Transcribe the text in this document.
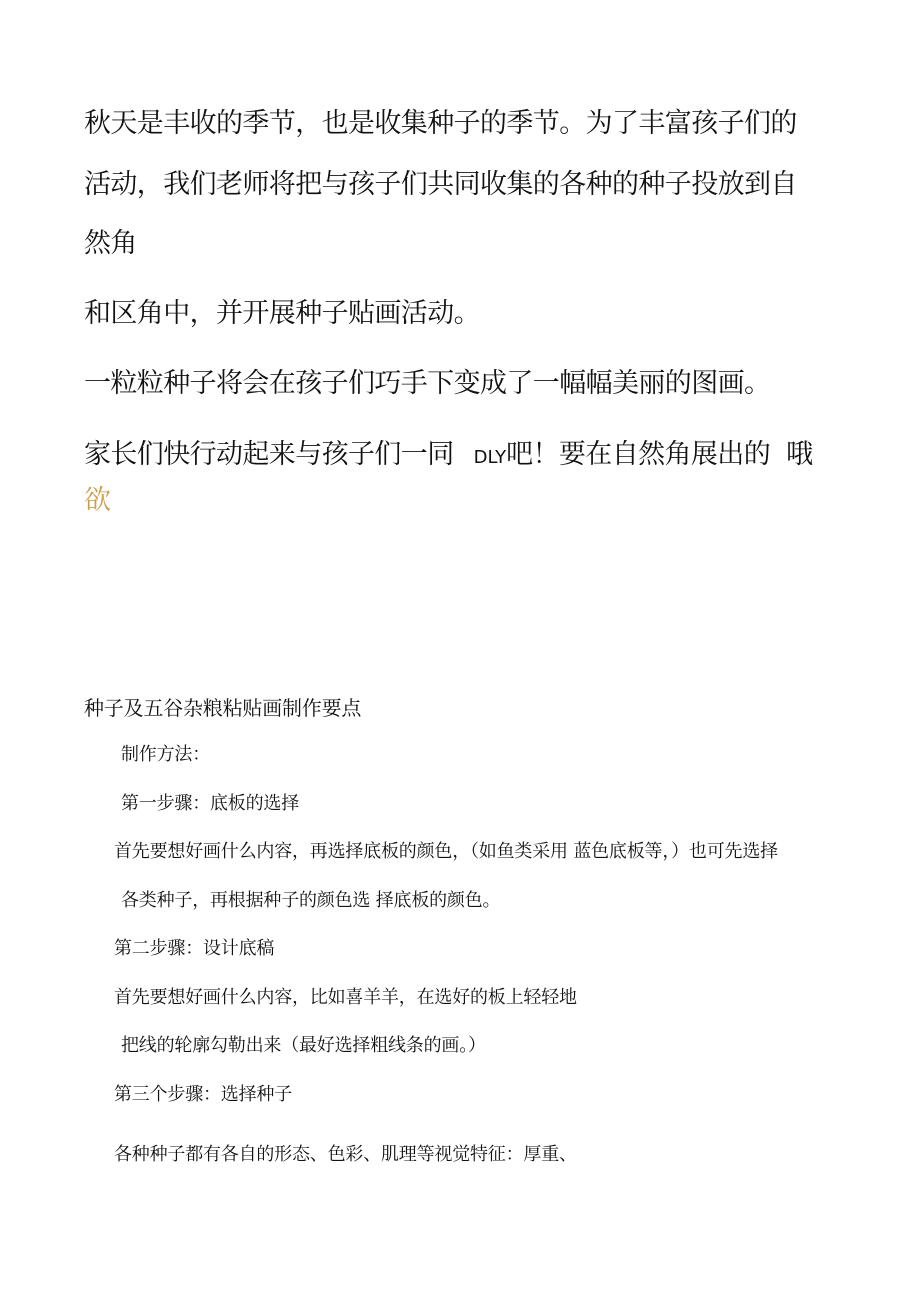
秋天是丰收的季节，也是收集种子的季节。为了丰富孩子们的
活动，我们老师将把与孩子们共同收集的各种的种子投放到自
然角
和区角中，并开展种子贴画活动。
一粒粒种子将会在孩子们巧手下变成了一幅幅美丽的图画。
家长们快行动起来与孩子们一同 DLY吧！要在自然角展出的 哦
欲
种子及五谷杂粮粘贴画制作要点
制作方法：
第一步骤：底板的选择
首先要想好画什么内容，再选择底板的颜色，（如鱼类采用 蓝色底板等，）也可先选择
各类种子，再根据种子的颜色选 择底板的颜色。
第二步骤：设计底稿
首先要想好画什么内容，比如喜羊羊，在选好的板上轻轻地
把线的轮廓勾勒出来（最好选择粗线条的画。）
第三个步骤：选择种子
各种种子都有各自的形态、色彩、肌理等视觉特征：厚重、
